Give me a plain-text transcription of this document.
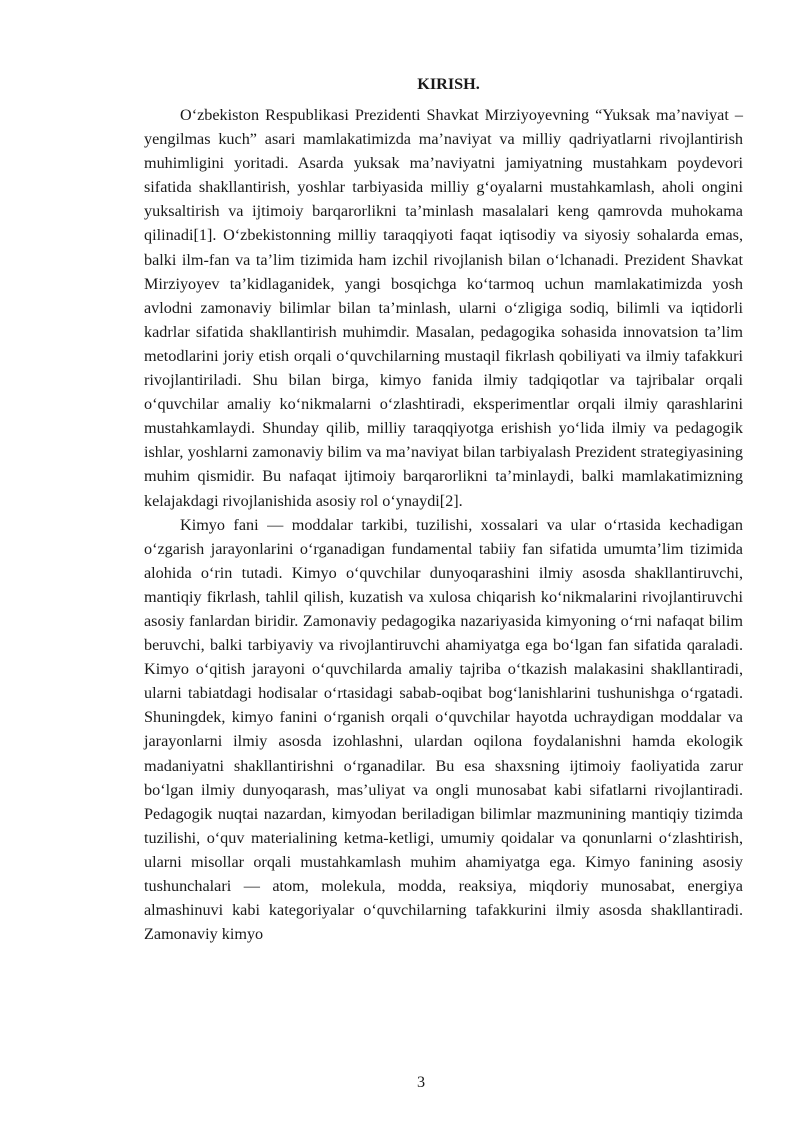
KIRISH.

O‘zbekiston Respublikasi Prezidenti Shavkat Mirziyoyevning “Yuksak ma’naviyat – yengilmas kuch” asari mamlakatimizda ma’naviyat va milliy qadriyatlarni rivojlantirish muhimligini yoritadi. Asarda yuksak ma’naviyatni jamiyatning mustahkam poydevori sifatida shakllantirish, yoshlar tarbiyasida milliy g‘oyalarni mustahkamlash, aholi ongini yuksaltirish va ijtimoiy barqarorlikni ta’minlash masalalari keng qamrovda muhokama qilinadi[1]. O‘zbekistonning milliy taraqqiyoti faqat iqtisodiy va siyosiy sohalarda emas, balki ilm-fan va ta’lim tizimida ham izchil rivojlanish bilan o‘lchanadi. Prezident Shavkat Mirziyoyev ta’kidlaganidek, yangi bosqichga ko‘tarmoq uchun mamlakatimizda yosh avlodni zamonaviy bilimlar bilan ta’minlash, ularni o‘zligiga sodiq, bilimli va iqtidorli kadrlar sifatida shakllantirish muhimdir. Masalan, pedagogika sohasida innovatsion ta’lim metodlarini joriy etish orqali o‘quvchilarning mustaqil fikrlash qobiliyati va ilmiy tafakkuri rivojlantiriladi. Shu bilan birga, kimyo fanida ilmiy tadqiqotlar va tajribalar orqali o‘quvchilar amaliy ko‘nikmalarni o‘zlashtiradi, eksperimentlar orqali ilmiy qarashlarini mustahkamlaydi. Shunday qilib, milliy taraqqiyotga erishish yo‘lida ilmiy va pedagogik ishlar, yoshlarni zamonaviy bilim va ma’naviyat bilan tarbiyalash Prezident strategiyasining muhim qismidir. Bu nafaqat ijtimoiy barqarorlikni ta’minlaydi, balki mamlakatimizning kelajakdagi rivojlanishida asosiy rol o‘ynaydi[2].

Kimyo fani — moddalar tarkibi, tuzilishi, xossalari va ular o‘rtasida kechadigan o‘zgarish jarayonlarini o‘rganadigan fundamental tabiiy fan sifatida umumta’lim tizimida alohida o‘rin tutadi. Kimyo o‘quvchilar dunyoqarashini ilmiy asosda shakllantiruvchi, mantiqiy fikrlash, tahlil qilish, kuzatish va xulosa chiqarish ko‘nikmalarini rivojlantiruvchi asosiy fanlardan biridir. Zamonaviy pedagogika nazariyasida kimyoning o‘rni nafaqat bilim beruvchi, balki tarbiyaviy va rivojlantiruvchi ahamiyatga ega bo‘lgan fan sifatida qaraladi. Kimyo o‘qitish jarayoni o‘quvchilarda amaliy tajriba o‘tkazish malakasini shakllantiradi, ularni tabiatdagi hodisalar o‘rtasidagi sabab-oqibat bog‘lanishlarini tushunishga o‘rgatadi. Shuningdek, kimyo fanini o‘rganish orqali o‘quvchilar hayotda uchraydigan moddalar va jarayonlarni ilmiy asosda izohlashni, ulardan oqilona foydalanishni hamda ekologik madaniyatni shakllantirishni o‘rganadilar. Bu esa shaxsning ijtimoiy faoliyatida zarur bo‘lgan ilmiy dunyoqarash, mas’uliyat va ongli munosabat kabi sifatlarni rivojlantiradi. Pedagogik nuqtai nazardan, kimyodan beriladigan bilimlar mazmunining mantiqiy tizimda tuzilishi, o‘quv materialining ketma-ketligi, umumiy qoidalar va qonunlarni o‘zlashtirish, ularni misollar orqali mustahkamlash muhim ahamiyatga ega. Kimyo fanining asosiy tushunchalari — atom, molekula, modda, reaksiya, miqdoriy munosabat, energiya almashinuvi kabi kategoriyalar o‘quvchilarning tafakkurini ilmiy asosda shakllantiradi. Zamonaviy kimyo

3
